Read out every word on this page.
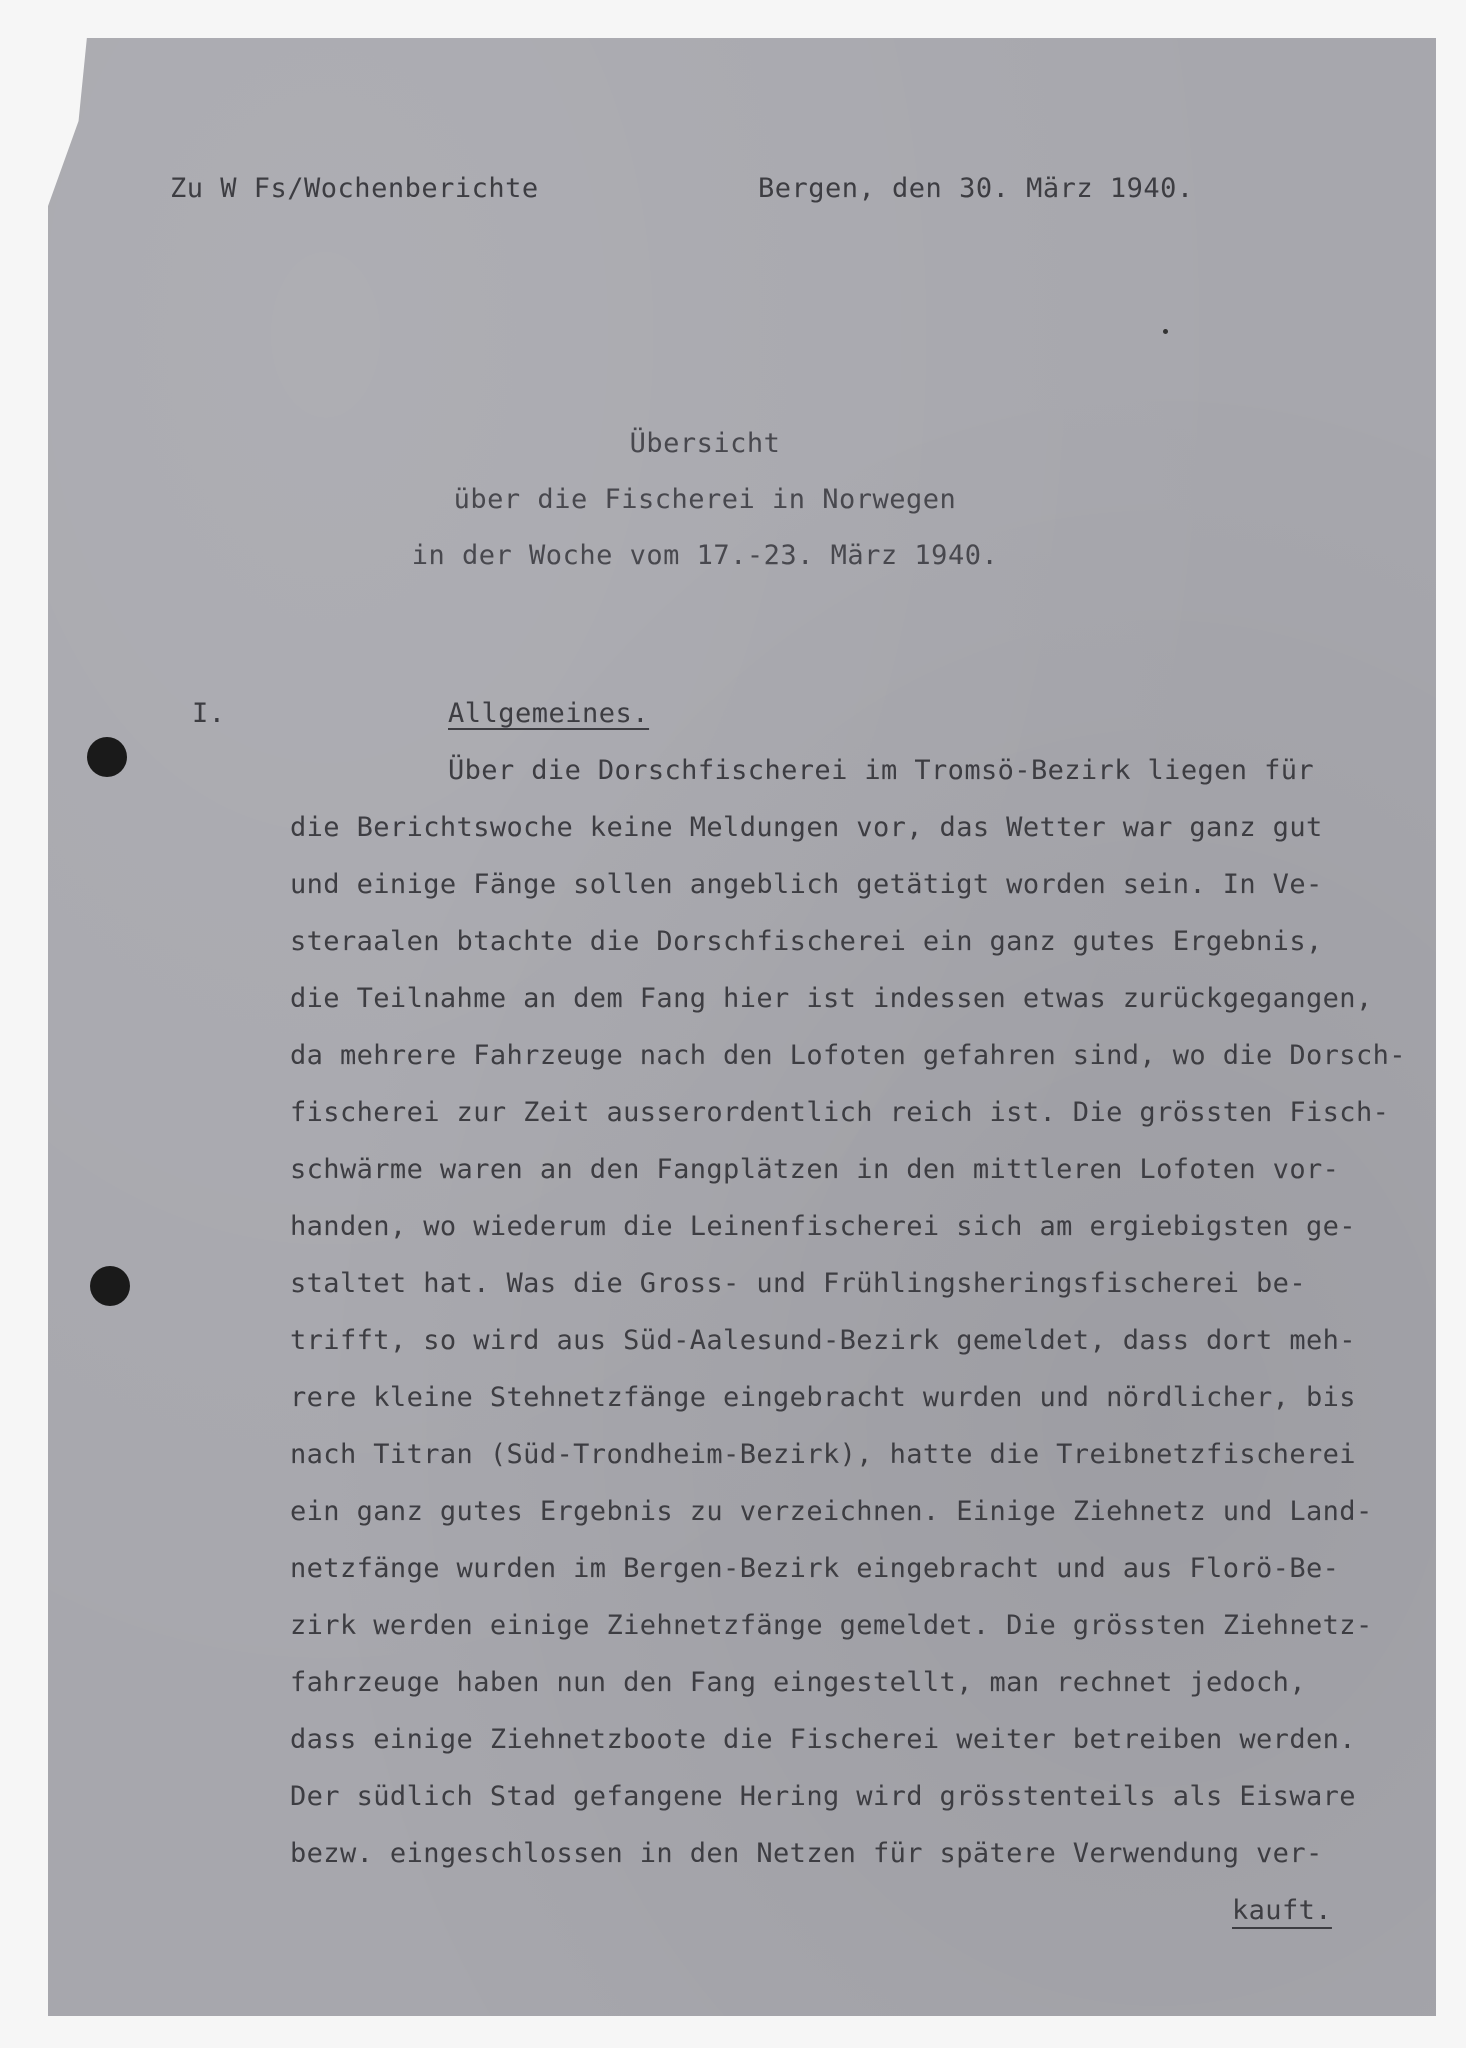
Zu W Fs/Wochenberichte	Bergen, den 30. März 1940.
Übersicht
über die Fischerei in Norwegen
in der Woche vom 17.-23. März 1940.
I.	Allgemeines.
Über die Dorschfischerei im Tromsö-Bezirk liegen für
die Berichtswoche keine Meldungen vor, das Wetter war ganz gut
und einige Fänge sollen angeblich getätigt worden sein. In Ve-
steraalen btachte die Dorschfischerei ein ganz gutes Ergebnis,
die Teilnahme an dem Fang hier ist indessen etwas zurückgegangen,
da mehrere Fahrzeuge nach den Lofoten gefahren sind, wo die Dorsch-
fischerei zur Zeit ausserordentlich reich ist. Die grössten Fisch-
schwärme waren an den Fangplätzen in den mittleren Lofoten vor-
handen, wo wiederum die Leinenfischerei sich am ergiebigsten ge-
staltet hat. Was die Gross- und Frühlingsheringsfischerei be-
trifft, so wird aus Süd-Aalesund-Bezirk gemeldet, dass dort meh-
rere kleine Stehnetzfänge eingebracht wurden und nördlicher, bis
nach Titran (Süd-Trondheim-Bezirk), hatte die Treibnetzfischerei
ein ganz gutes Ergebnis zu verzeichnen. Einige Ziehnetz und Land-
netzfänge wurden im Bergen-Bezirk eingebracht und aus Florö-Be-
zirk werden einige Ziehnetzfänge gemeldet. Die grössten Ziehnetz-
fahrzeuge haben nun den Fang eingestellt, man rechnet jedoch,
dass einige Ziehnetzboote die Fischerei weiter betreiben werden.
Der südlich Stad gefangene Hering wird grösstenteils als Eisware
bezw. eingeschlossen in den Netzen für spätere Verwendung ver-
kauft.
